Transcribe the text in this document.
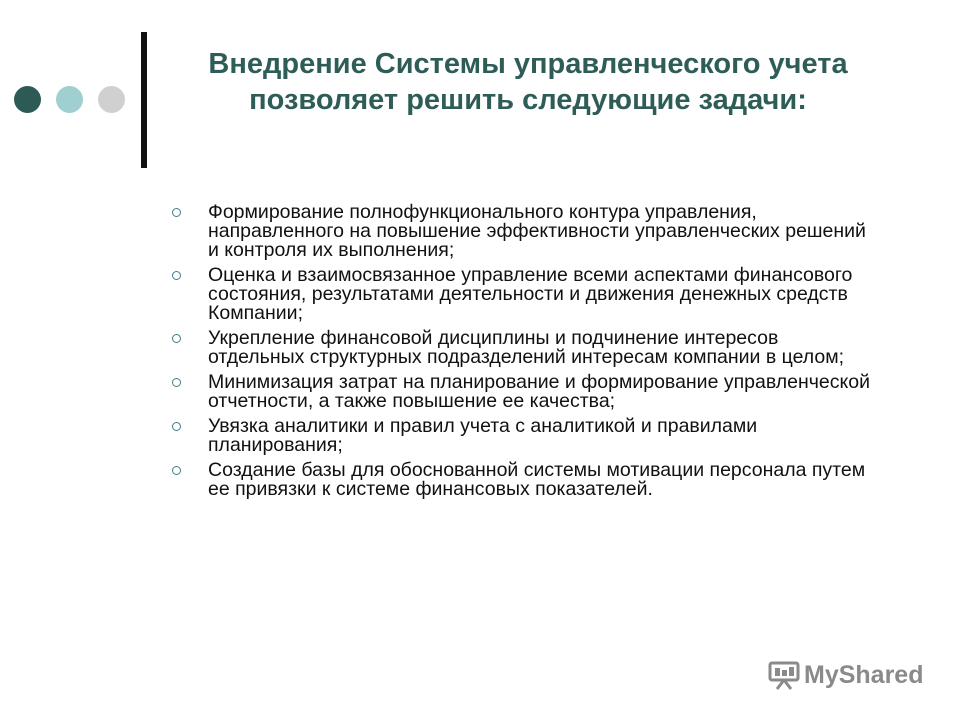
Внедрение Системы управленческого учета
позволяет решить следующие задачи:
Формирование полнофункционального контура управления, направленного на повышение эффективности управленческих решений и контроля их выполнения;
Оценка и взаимосвязанное управление всеми аспектами финансового состояния, результатами деятельности и движения денежных средств Компании;
Укрепление финансовой дисциплины и подчинение интересов отдельных структурных подразделений интересам компании в целом;
Минимизация затрат на планирование и формирование управленческой отчетности, а также повышение ее качества;
Увязка аналитики и правил учета с аналитикой и правилами планирования;
Создание базы для обоснованной системы мотивации персонала путем ее привязки к системе финансовых показателей.
MyShared
